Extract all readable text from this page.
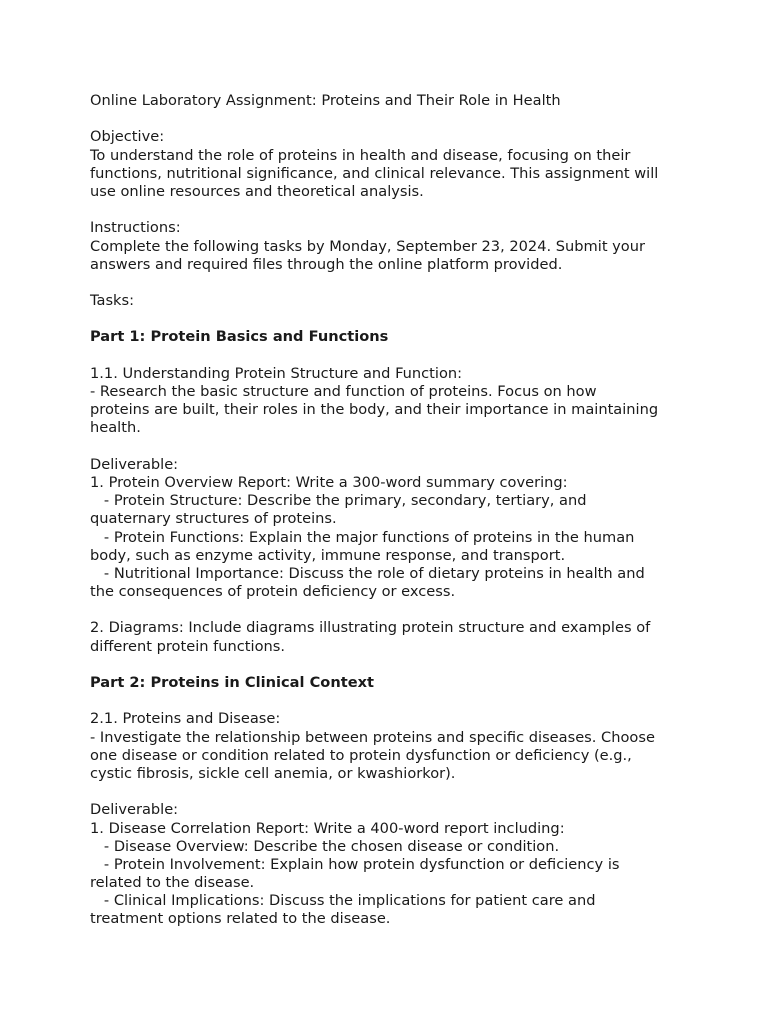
Online Laboratory Assignment: Proteins and Their Role in Health
Objective:
To understand the role of proteins in health and disease, focusing on their
functions, nutritional significance, and clinical relevance. This assignment will
use online resources and theoretical analysis.
Instructions:
Complete the following tasks by Monday, September 23, 2024. Submit your
answers and required files through the online platform provided.
Tasks:
Part 1: Protein Basics and Functions
1.1. Understanding Protein Structure and Function:
- Research the basic structure and function of proteins. Focus on how
proteins are built, their roles in the body, and their importance in maintaining
health.
Deliverable:
1. Protein Overview Report: Write a 300-word summary covering:
- Protein Structure: Describe the primary, secondary, tertiary, and
quaternary structures of proteins.
- Protein Functions: Explain the major functions of proteins in the human
body, such as enzyme activity, immune response, and transport.
- Nutritional Importance: Discuss the role of dietary proteins in health and
the consequences of protein deficiency or excess.
2. Diagrams: Include diagrams illustrating protein structure and examples of
different protein functions.
Part 2: Proteins in Clinical Context
2.1. Proteins and Disease:
- Investigate the relationship between proteins and specific diseases. Choose
one disease or condition related to protein dysfunction or deficiency (e.g.,
cystic fibrosis, sickle cell anemia, or kwashiorkor).
Deliverable:
1. Disease Correlation Report: Write a 400-word report including:
- Disease Overview: Describe the chosen disease or condition.
- Protein Involvement: Explain how protein dysfunction or deficiency is
related to the disease.
- Clinical Implications: Discuss the implications for patient care and
treatment options related to the disease.
